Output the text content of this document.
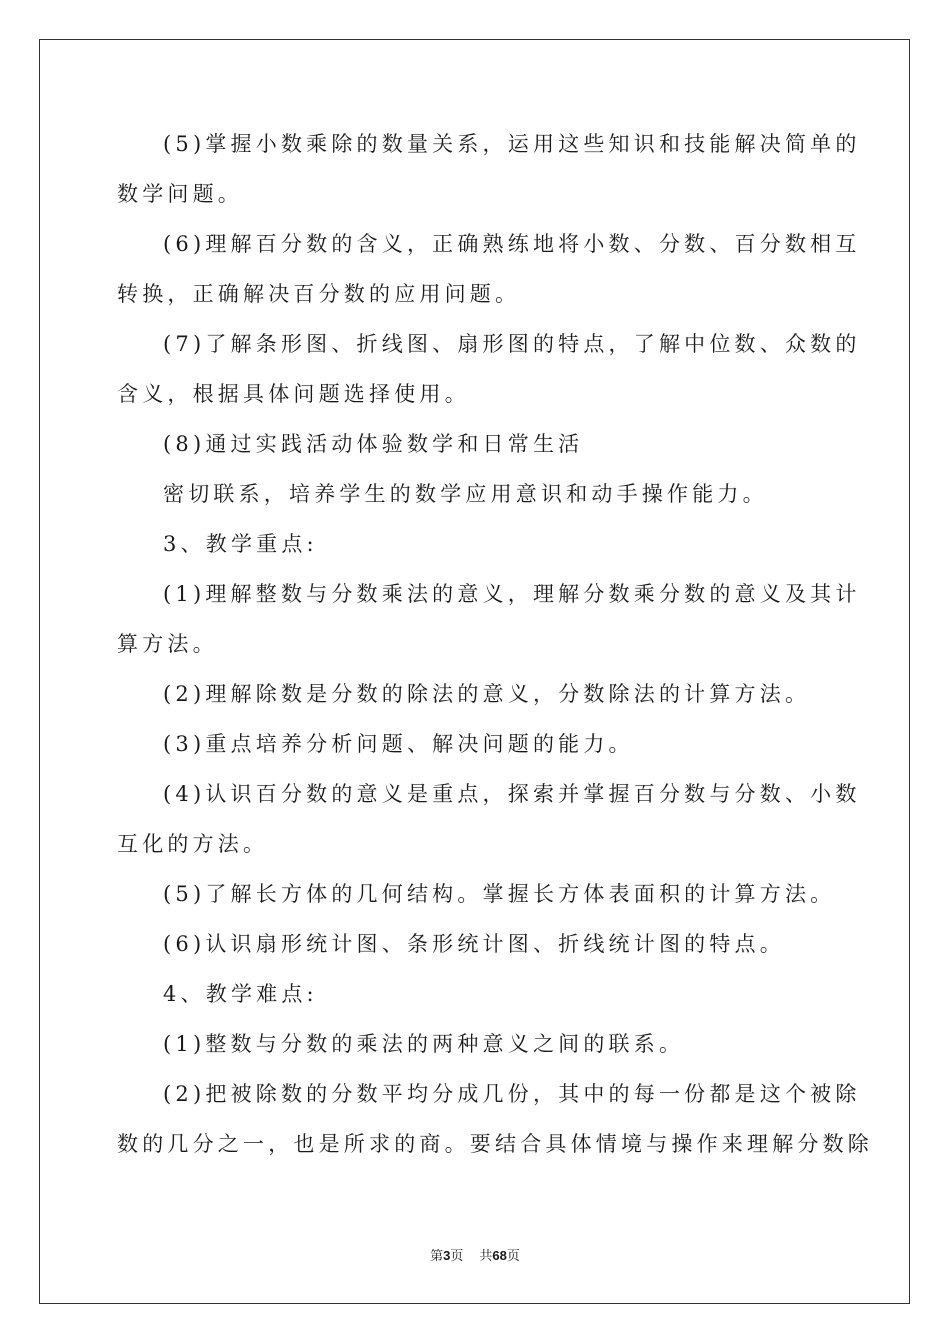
(5)掌握小数乘除的数量关系，运用这些知识和技能解决简单的
数学问题。
(6)理解百分数的含义，正确熟练地将小数、分数、百分数相互
转换，正确解决百分数的应用问题。
(7)了解条形图、折线图、扇形图的特点，了解中位数、众数的
含义，根据具体问题选择使用。
(8)通过实践活动体验数学和日常生活
密切联系，培养学生的数学应用意识和动手操作能力。
3、教学重点:
(1)理解整数与分数乘法的意义，理解分数乘分数的意义及其计
算方法。
(2)理解除数是分数的除法的意义，分数除法的计算方法。
(3)重点培养分析问题、解决问题的能力。
(4)认识百分数的意义是重点，探索并掌握百分数与分数、小数
互化的方法。
(5)了解长方体的几何结构。掌握长方体表面积的计算方法。
(6)认识扇形统计图、条形统计图、折线统计图的特点。
4、教学难点:
(1)整数与分数的乘法的两种意义之间的联系。
(2)把被除数的分数平均分成几份，其中的每一份都是这个被除
数的几分之一，也是所求的商。要结合具体情境与操作来理解分数除
第3页 共68页
